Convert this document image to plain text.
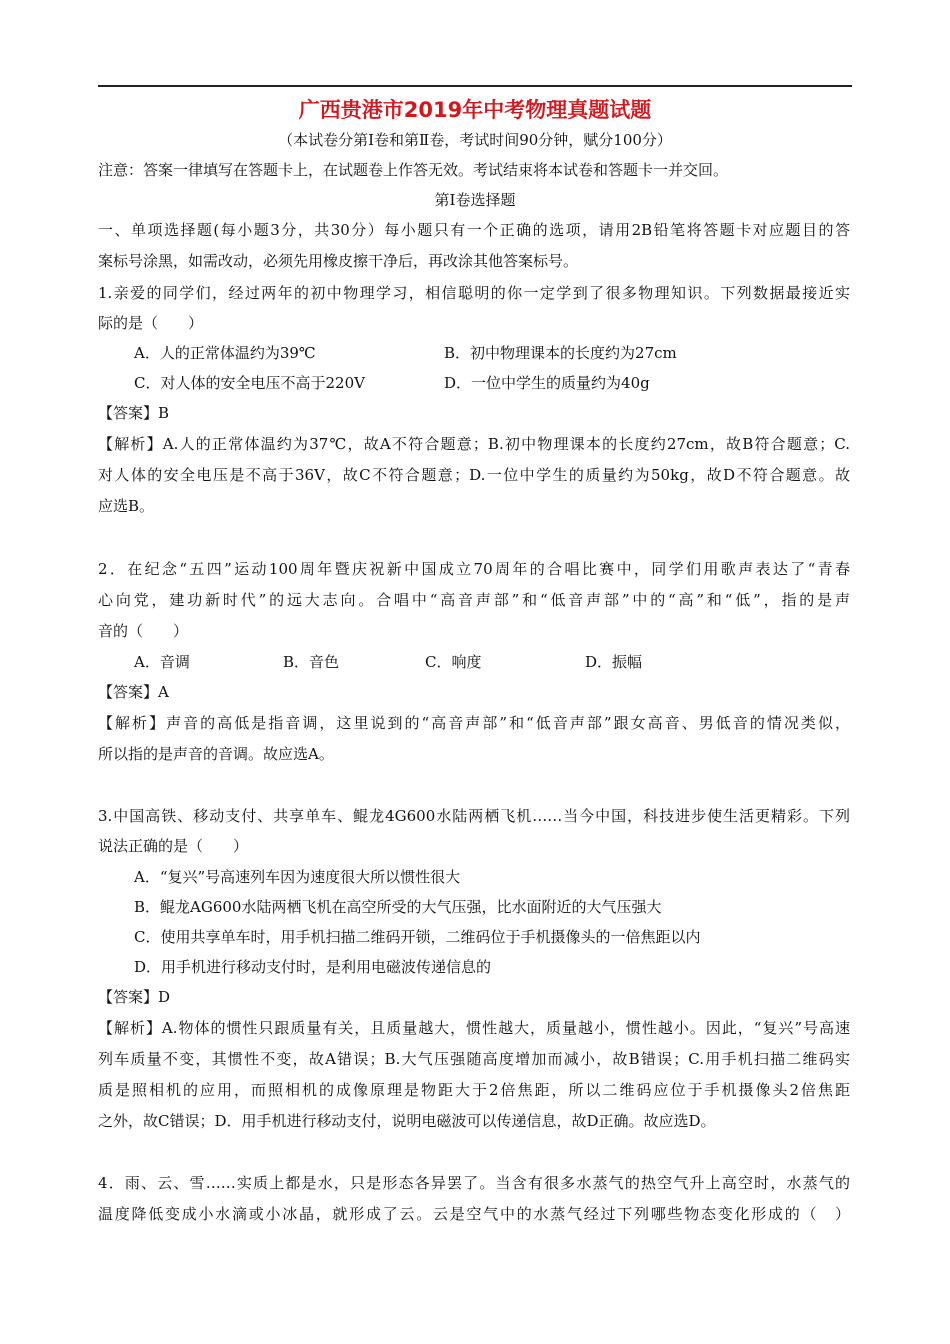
广西贵港市2019年中考物理真题试题
（本试卷分第Ⅰ卷和第Ⅱ卷，考试时间90分钟，赋分100分）
注意：答案一律填写在答题卡上，在试题卷上作答无效。考试结束将本试卷和答题卡一并交回。
第Ⅰ卷选择题
一、单项选择题(每小题3分，共30分）每小题只有一个正确的选项，请用2B铅笔将答题卡对应题目的答
案标号涂黑，如需改动，必须先用橡皮擦干净后，再改涂其他答案标号。
1.亲爱的同学们，经过两年的初中物理学习，相信聪明的你一定学到了很多物理知识。下列数据最接近实
际的是（　　）
A．人的正常体温约为39℃	B．初中物理课本的长度约为27cm
C．对人体的安全电压不高于220V	D．一位中学生的质量约为40g
【答案】B
【解析】A.人的正常体温约为37℃，故A不符合题意；B.初中物理课本的长度约27cm，故B符合题意；C.
对人体的安全电压是不高于36V，故C不符合题意；D.一位中学生的质量约为50kg，故D不符合题意。故
应选B。
2．在纪念“五四”运动100周年暨庆祝新中国成立70周年的合唱比赛中，同学们用歌声表达了“青春
心向党，建功新时代”的远大志向。合唱中“高音声部”和“低音声部”中的“高”和“低”，指的是声
音的（　　）
A．音调	B．音色	C．响度	D．振幅
【答案】A
【解析】声音的高低是指音调，这里说到的“高音声部”和“低音声部”跟女高音、男低音的情况类似，
所以指的是声音的音调。故应选A。
3.中国高铁、移动支付、共享单车、鲲龙4G600水陆两栖飞机……当今中国，科技进步使生活更精彩。下列
说法正确的是（　　）
A．“复兴”号高速列车因为速度很大所以惯性很大
B．鲲龙AG600水陆两栖飞机在高空所受的大气压强，比水面附近的大气压强大
C．使用共享单车时，用手机扫描二维码开锁，二维码位于手机摄像头的一倍焦距以内
D．用手机进行移动支付时，是利用电磁波传递信息的
【答案】D
【解析】A.物体的惯性只跟质量有关，且质量越大，惯性越大，质量越小，惯性越小。因此，“复兴”号高速
列车质量不变，其惯性不变，故A错误；B.大气压强随高度增加而减小，故B错误；C.用手机扫描二维码实
质是照相机的应用，而照相机的成像原理是物距大于2倍焦距，所以二维码应位于手机摄像头2倍焦距
之外，故C错误；D．用手机进行移动支付，说明电磁波可以传递信息，故D正确。故应选D。
4．雨、云、雪……实质上都是水，只是形态各异罢了。当含有很多水蒸气的热空气升上高空时，水蒸气的
温度降低变成小水滴或小冰晶，就形成了云。云是空气中的水蒸气经过下列哪些物态变化形成的（　）
